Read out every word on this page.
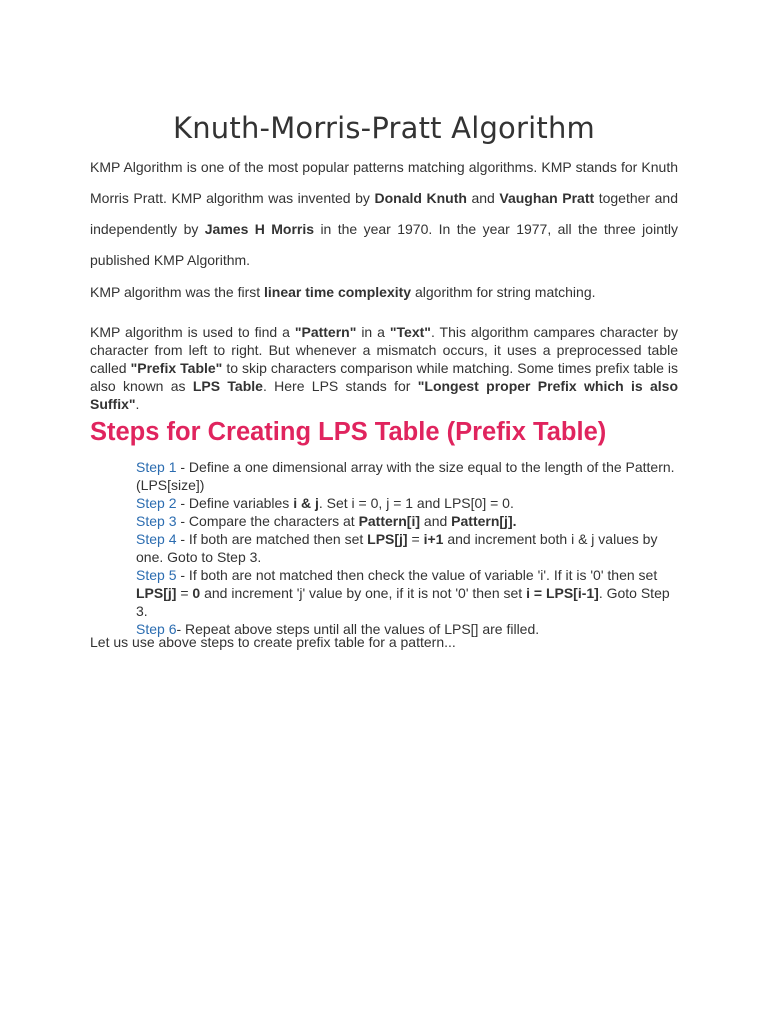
Knuth-Morris-Pratt Algorithm

KMP Algorithm is one of the most popular patterns matching algorithms. KMP stands for Knuth Morris Pratt. KMP algorithm was invented by Donald Knuth and Vaughan Pratt together and independently by James H Morris in the year 1970. In the year 1977, all the three jointly published KMP Algorithm.

KMP algorithm was the first linear time complexity algorithm for string matching.

KMP algorithm is used to find a "Pattern" in a "Text". This algorithm campares character by character from left to right. But whenever a mismatch occurs, it uses a preprocessed table called "Prefix Table" to skip characters comparison while matching. Some times prefix table is also known as LPS Table. Here LPS stands for "Longest proper Prefix which is also Suffix".

Steps for Creating LPS Table (Prefix Table)
Step 1 - Define a one dimensional array with the size equal to the length of the Pattern. (LPS[size])
Step 2 - Define variables i & j. Set i = 0, j = 1 and LPS[0] = 0.
Step 3 - Compare the characters at Pattern[i] and Pattern[j].
Step 4 - If both are matched then set LPS[j] = i+1 and increment both i & j values by one. Goto to Step 3.
Step 5 - If both are not matched then check the value of variable 'i'. If it is '0' then set LPS[j] = 0 and increment 'j' value by one, if it is not '0' then set i = LPS[i-1]. Goto Step 3.
Step 6- Repeat above steps until all the values of LPS[] are filled.

Let us use above steps to create prefix table for a pattern...
